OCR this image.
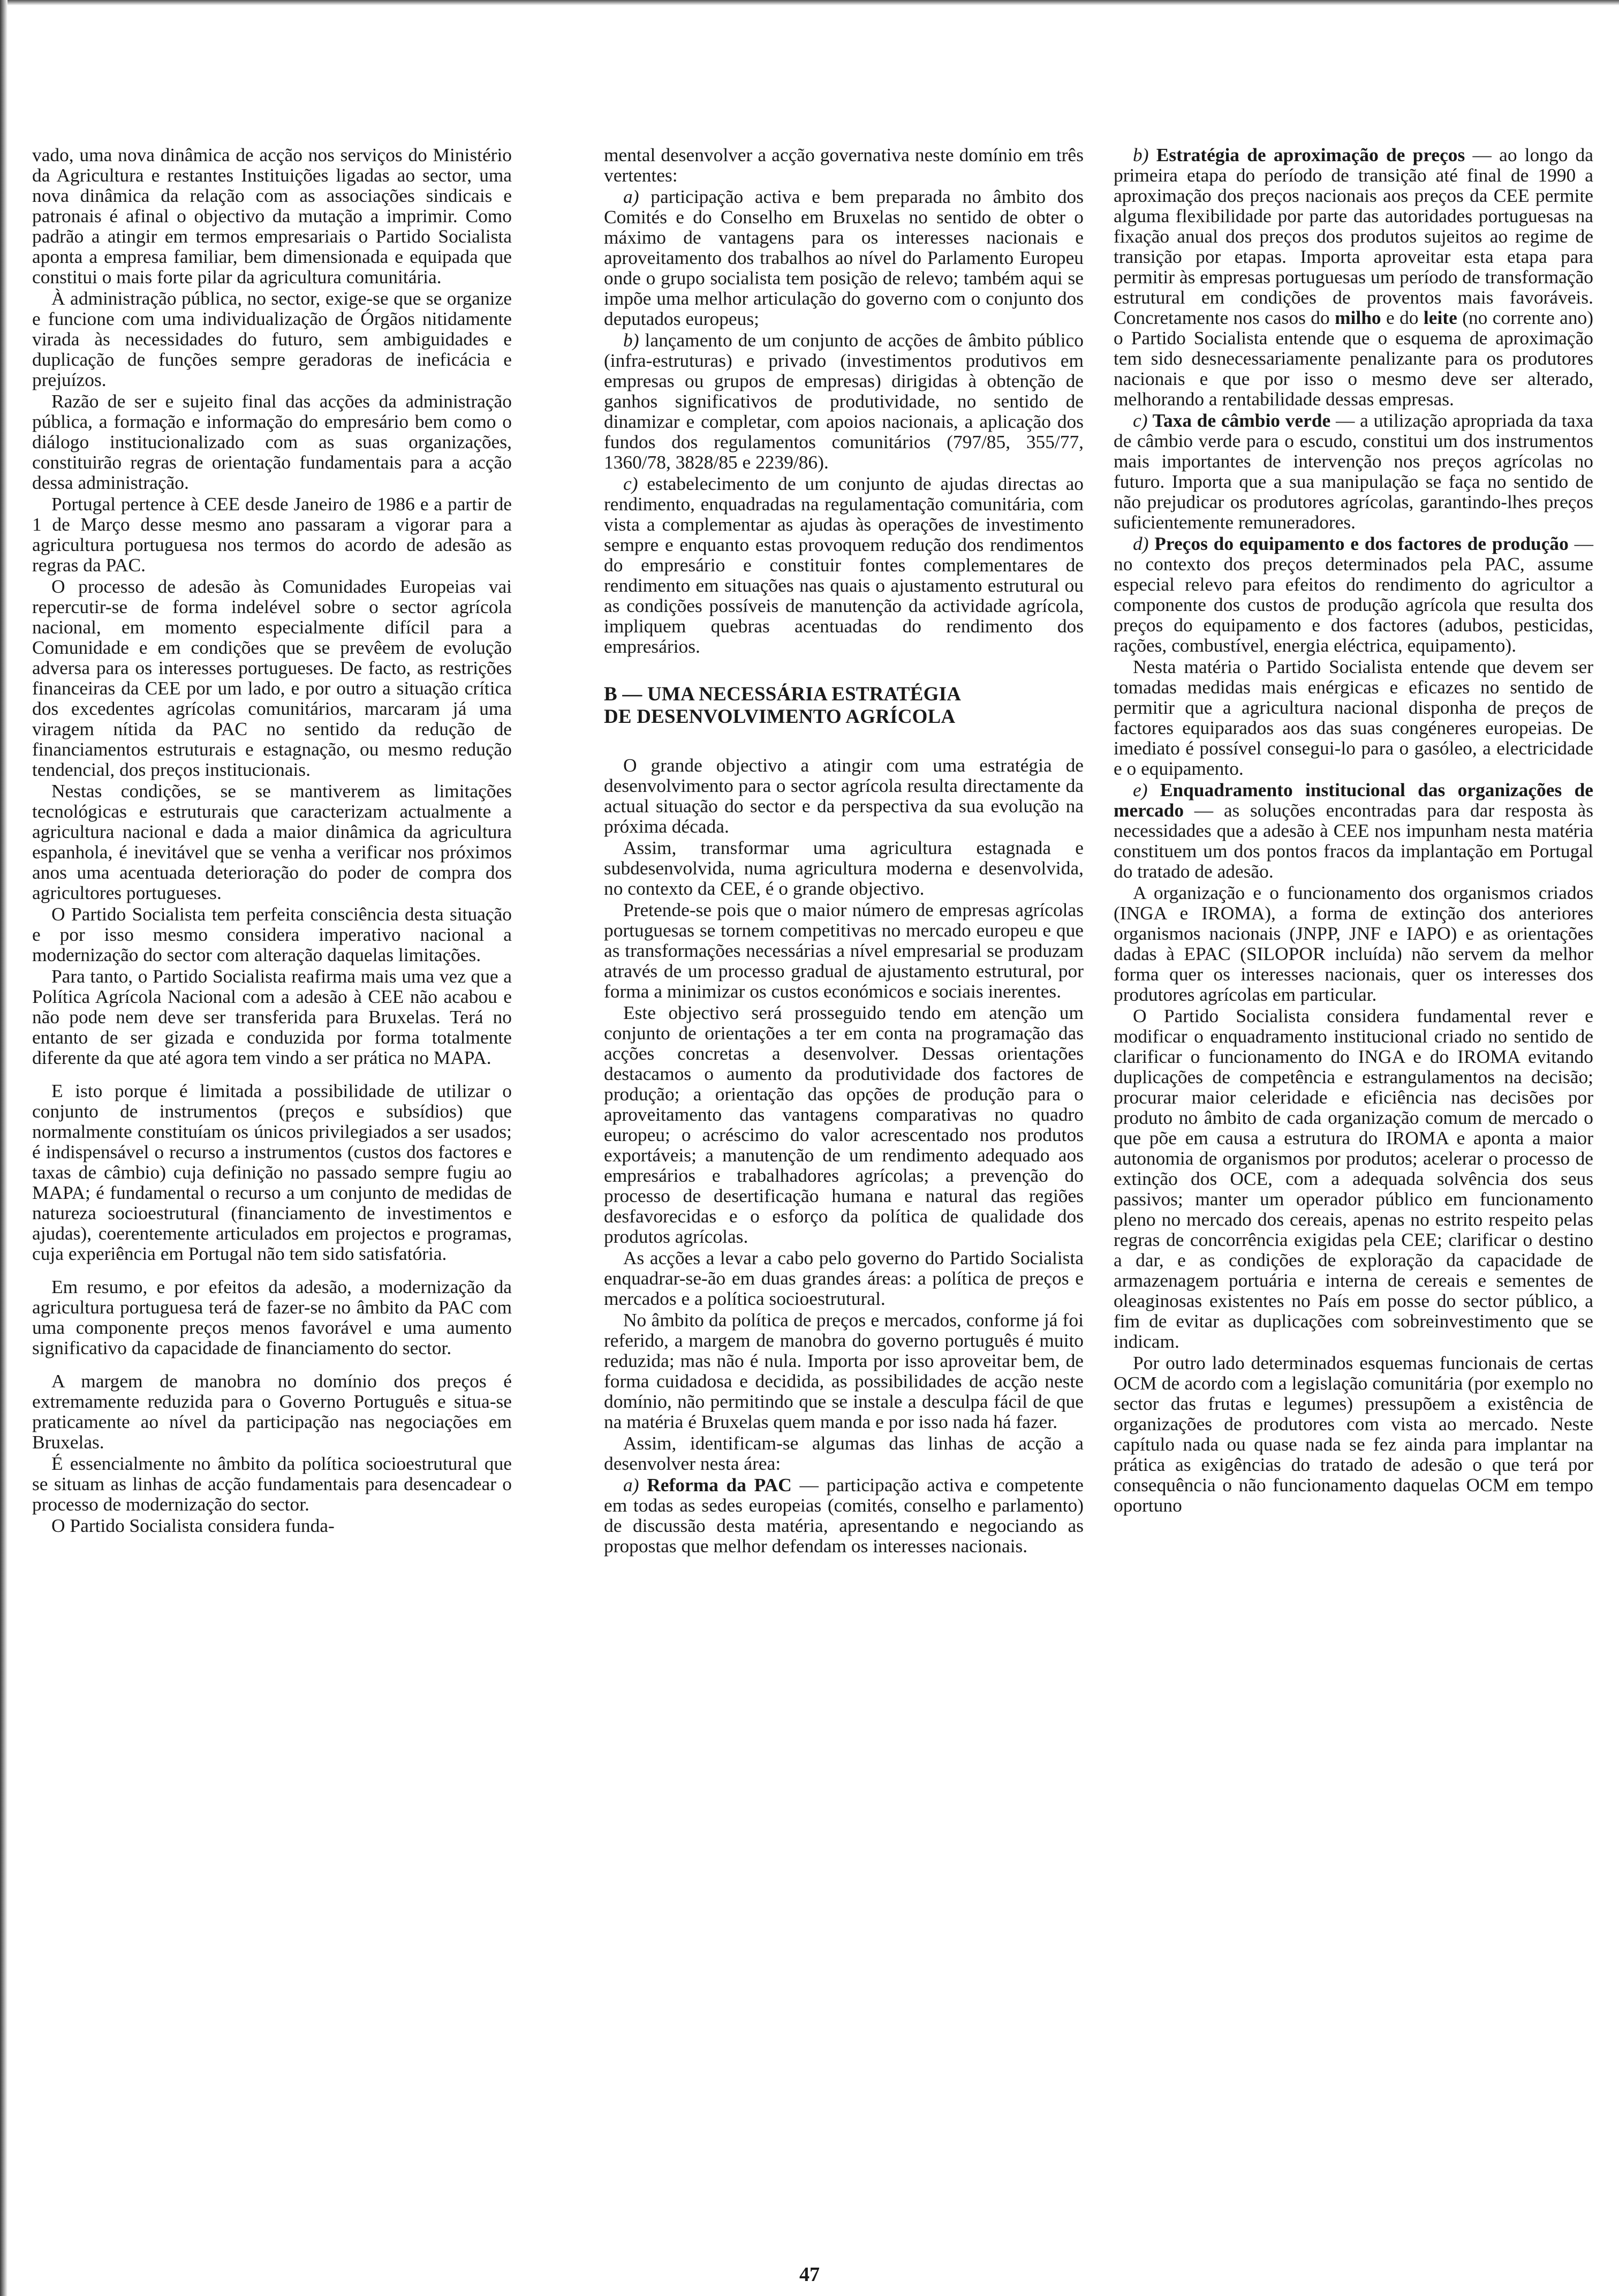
vado, uma nova dinâmica de acção nos serviços do Ministério da Agricultura e restantes Instituições ligadas ao sector, uma nova dinâmica da relação com as associações sindicais e patronais é afinal o objectivo da mutação a imprimir. Como padrão a atingir em termos empresariais o Partido Socialista aponta a empresa familiar, bem dimensionada e equipada que constitui o mais forte pilar da agricultura comunitária.

À administração pública, no sector, exige-se que se organize e funcione com uma individualização de Órgãos nitidamente virada às necessidades do futuro, sem ambiguidades e duplicação de funções sempre geradoras de ineficácia e prejuízos.

Razão de ser e sujeito final das acções da administração pública, a formação e informação do empresário bem como o diálogo institucionalizado com as suas organizações, constituirão regras de orientação fundamentais para a acção dessa administração.

Portugal pertence à CEE desde Janeiro de 1986 e a partir de 1 de Março desse mesmo ano passaram a vigorar para a agricultura portuguesa nos termos do acordo de adesão as regras da PAC.

O processo de adesão às Comunidades Europeias vai repercutir-se de forma indelével sobre o sector agrícola nacional, em momento especialmente difícil para a Comunidade e em condições que se prevêem de evolução adversa para os interesses portugueses. De facto, as restrições financeiras da CEE por um lado, e por outro a situação crítica dos excedentes agrícolas comunitários, marcaram já uma viragem nítida da PAC no sentido da redução de financiamentos estruturais e estagnação, ou mesmo redução tendencial, dos preços institucionais.

Nestas condições, se se mantiverem as limitações tecnológicas e estruturais que caracterizam actualmente a agricultura nacional e dada a maior dinâmica da agricultura espanhola, é inevitável que se venha a verificar nos próximos anos uma acentuada deterioração do poder de compra dos agricultores portugueses.

O Partido Socialista tem perfeita consciência desta situação e por isso mesmo considera imperativo nacional a modernização do sector com alteração daquelas limitações.

Para tanto, o Partido Socialista reafirma mais uma vez que a Política Agrícola Nacional com a adesão à CEE não acabou e não pode nem deve ser transferida para Bruxelas. Terá no entanto de ser gizada e conduzida por forma totalmente diferente da que até agora tem vindo a ser prática no MAPA.

E isto porque é limitada a possibilidade de utilizar o conjunto de instrumentos (preços e subsídios) que normalmente constituíam os únicos privilegiados a ser usados; é indispensável o recurso a instrumentos (custos dos factores e taxas de câmbio) cuja definição no passado sempre fugiu ao MAPA; é fundamental o recurso a um conjunto de medidas de natureza socioestrutural (financiamento de investimentos e ajudas), coerentemente articulados em projectos e programas, cuja experiência em Portugal não tem sido satisfatória.

Em resumo, e por efeitos da adesão, a modernização da agricultura portuguesa terá de fazer-se no âmbito da PAC com uma componente preços menos favorável e uma aumento significativo da capacidade de financiamento do sector.

A margem de manobra no domínio dos preços é extremamente reduzida para o Governo Português e situa-se praticamente ao nível da participação nas negociações em Bruxelas.

É essencialmente no âmbito da política socioestrutural que se situam as linhas de acção fundamentais para desencadear o processo de modernização do sector.

O Partido Socialista considera funda-

mental desenvolver a acção governativa neste domínio em três vertentes:

a) participação activa e bem preparada no âmbito dos Comités e do Conselho em Bruxelas no sentido de obter o máximo de vantagens para os interesses nacionais e aproveitamento dos trabalhos ao nível do Parlamento Europeu onde o grupo socialista tem posição de relevo; também aqui se impõe uma melhor articulação do governo com o conjunto dos deputados europeus;

b) lançamento de um conjunto de acções de âmbito público (infra-estruturas) e privado (investimentos produtivos em empresas ou grupos de empresas) dirigidas à obtenção de ganhos significativos de produtividade, no sentido de dinamizar e completar, com apoios nacionais, a aplicação dos fundos dos regulamentos comunitários (797/85, 355/77, 1360/78, 3828/85 e 2239/86).

c) estabelecimento de um conjunto de ajudas directas ao rendimento, enquadradas na regulamentação comunitária, com vista a complementar as ajudas às operações de investimento sempre e enquanto estas provoquem redução dos rendimentos do empresário e constituir fontes complementares de rendimento em situações nas quais o ajustamento estrutural ou as condições possíveis de manutenção da actividade agrícola, impliquem quebras acentuadas do rendimento dos empresários.

B — UMA NECESSÁRIA ESTRATÉGIA
DE DESENVOLVIMENTO AGRÍCOLA

O grande objectivo a atingir com uma estratégia de desenvolvimento para o sector agrícola resulta directamente da actual situação do sector e da perspectiva da sua evolução na próxima década.

Assim, transformar uma agricultura estagnada e subdesenvolvida, numa agricultura moderna e desenvolvida, no contexto da CEE, é o grande objectivo.

Pretende-se pois que o maior número de empresas agrícolas portuguesas se tornem competitivas no mercado europeu e que as transformações necessárias a nível empresarial se produzam através de um processo gradual de ajustamento estrutural, por forma a minimizar os custos económicos e sociais inerentes.

Este objectivo será prosseguido tendo em atenção um conjunto de orientações a ter em conta na programação das acções concretas a desenvolver. Dessas orientações destacamos o aumento da produtividade dos factores de produção; a orientação das opções de produção para o aproveitamento das vantagens comparativas no quadro europeu; o acréscimo do valor acrescentado nos produtos exportáveis; a manutenção de um rendimento adequado aos empresários e trabalhadores agrícolas; a prevenção do processo de desertificação humana e natural das regiões desfavorecidas e o esforço da política de qualidade dos produtos agrícolas.

As acções a levar a cabo pelo governo do Partido Socialista enquadrar-se-ão em duas grandes áreas: a política de preços e mercados e a política socioestrutural.

No âmbito da política de preços e mercados, conforme já foi referido, a margem de manobra do governo português é muito reduzida; mas não é nula. Importa por isso aproveitar bem, de forma cuidadosa e decidida, as possibilidades de acção neste domínio, não permitindo que se instale a desculpa fácil de que na matéria é Bruxelas quem manda e por isso nada há fazer.

Assim, identificam-se algumas das linhas de acção a desenvolver nesta área:

a) Reforma da PAC — participação activa e competente em todas as sedes europeias (comités, conselho e parlamento) de discussão desta matéria, apresentando e negociando as propostas que melhor defendam os interesses nacionais.

b) Estratégia de aproximação de preços — ao longo da primeira etapa do período de transição até final de 1990 a aproximação dos preços nacionais aos preços da CEE permite alguma flexibilidade por parte das autoridades portuguesas na fixação anual dos preços dos produtos sujeitos ao regime de transição por etapas. Importa aproveitar esta etapa para permitir às empresas portuguesas um período de transformação estrutural em condições de proventos mais favoráveis. Concretamente nos casos do milho e do leite (no corrente ano) o Partido Socialista entende que o esquema de aproximação tem sido desnecessariamente penalizante para os produtores nacionais e que por isso o mesmo deve ser alterado, melhorando a rentabilidade dessas empresas.

c) Taxa de câmbio verde — a utilização apropriada da taxa de câmbio verde para o escudo, constitui um dos instrumentos mais importantes de intervenção nos preços agrícolas no futuro. Importa que a sua manipulação se faça no sentido de não prejudicar os produtores agrícolas, garantindo-lhes preços suficientemente remuneradores.

d) Preços do equipamento e dos factores de produção — no contexto dos preços determinados pela PAC, assume especial relevo para efeitos do rendimento do agricultor a componente dos custos de produção agrícola que resulta dos preços do equipamento e dos factores (adubos, pesticidas, rações, combustível, energia eléctrica, equipamento).

Nesta matéria o Partido Socialista entende que devem ser tomadas medidas mais enérgicas e eficazes no sentido de permitir que a agricultura nacional disponha de preços de factores equiparados aos das suas congéneres europeias. De imediato é possível consegui-lo para o gasóleo, a electricidade e o equipamento.

e) Enquadramento institucional das organizações de mercado — as soluções encontradas para dar resposta às necessidades que a adesão à CEE nos impunham nesta matéria constituem um dos pontos fracos da implantação em Portugal do tratado de adesão.

A organização e o funcionamento dos organismos criados (INGA e IROMA), a forma de extinção dos anteriores organismos nacionais (JNPP, JNF e IAPO) e as orientações dadas à EPAC (SILOPOR incluída) não servem da melhor forma quer os interesses nacionais, quer os interesses dos produtores agrícolas em particular.

O Partido Socialista considera fundamental rever e modificar o enquadramento institucional criado no sentido de clarificar o funcionamento do INGA e do IROMA evitando duplicações de competência e estrangulamentos na decisão; procurar maior celeridade e eficiência nas decisões por produto no âmbito de cada organização comum de mercado o que põe em causa a estrutura do IROMA e aponta a maior autonomia de organismos por produtos; acelerar o processo de extinção dos OCE, com a adequada solvência dos seus passivos; manter um operador público em funcionamento pleno no mercado dos cereais, apenas no estrito respeito pelas regras de concorrência exigidas pela CEE; clarificar o destino a dar, e as condições de exploração da capacidade de armazenagem portuária e interna de cereais e sementes de oleaginosas existentes no País em posse do sector público, a fim de evitar as duplicações com sobreinvestimento que se indicam.

Por outro lado determinados esquemas funcionais de certas OCM de acordo com a legislação comunitária (por exemplo no sector das frutas e legumes) pressupõem a existência de organizações de produtores com vista ao mercado. Neste capítulo nada ou quase nada se fez ainda para implantar na prática as exigências do tratado de adesão o que terá por consequência o não funcionamento daquelas OCM em tempo oportuno

47
